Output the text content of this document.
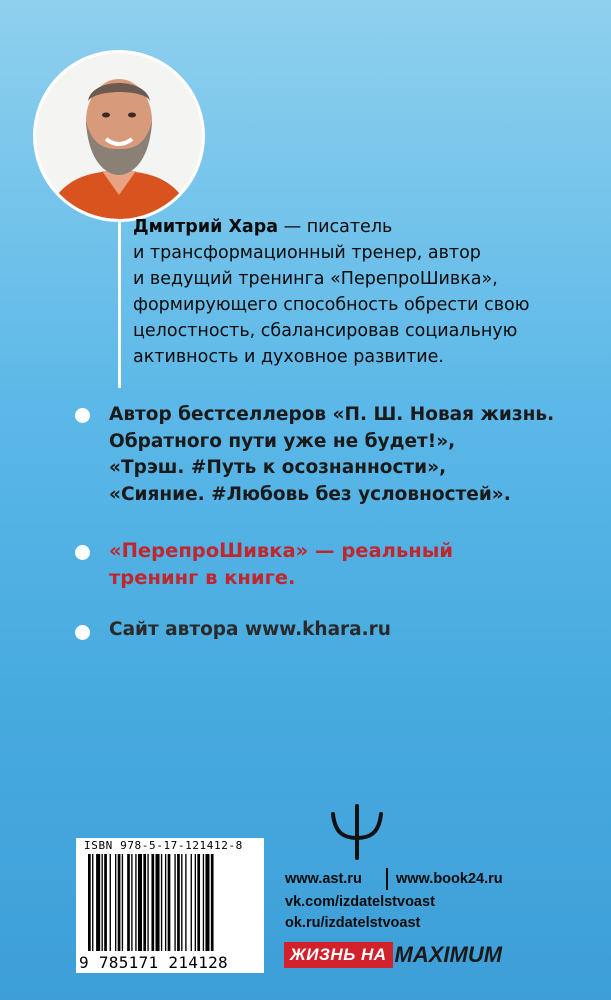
Дмитрий Хара — писатель
и трансформационный тренер, автор
и ведущий тренинга «ПерепроШивка»,
формирующего способность обрести свою
целостность, сбалансировав социальную
активность и духовное развитие.
Автор бестселлеров «П. Ш. Новая жизнь.
Обратного пути уже не будет!»,
«Трэш. #Путь к осознанности»,
«Сияние. #Любовь без условностей».
«ПерепроШивка» — реальный
тренинг в книге.
Сайт автора www.khara.ru
ISBN 978-5-17-121412-8
9 785171 214128
www.ast.ru www.book24.ru
vk.com/izdatelstvoast
ok.ru/izdatelstvoast
ЖИЗНЬ НА MAXIMUM
